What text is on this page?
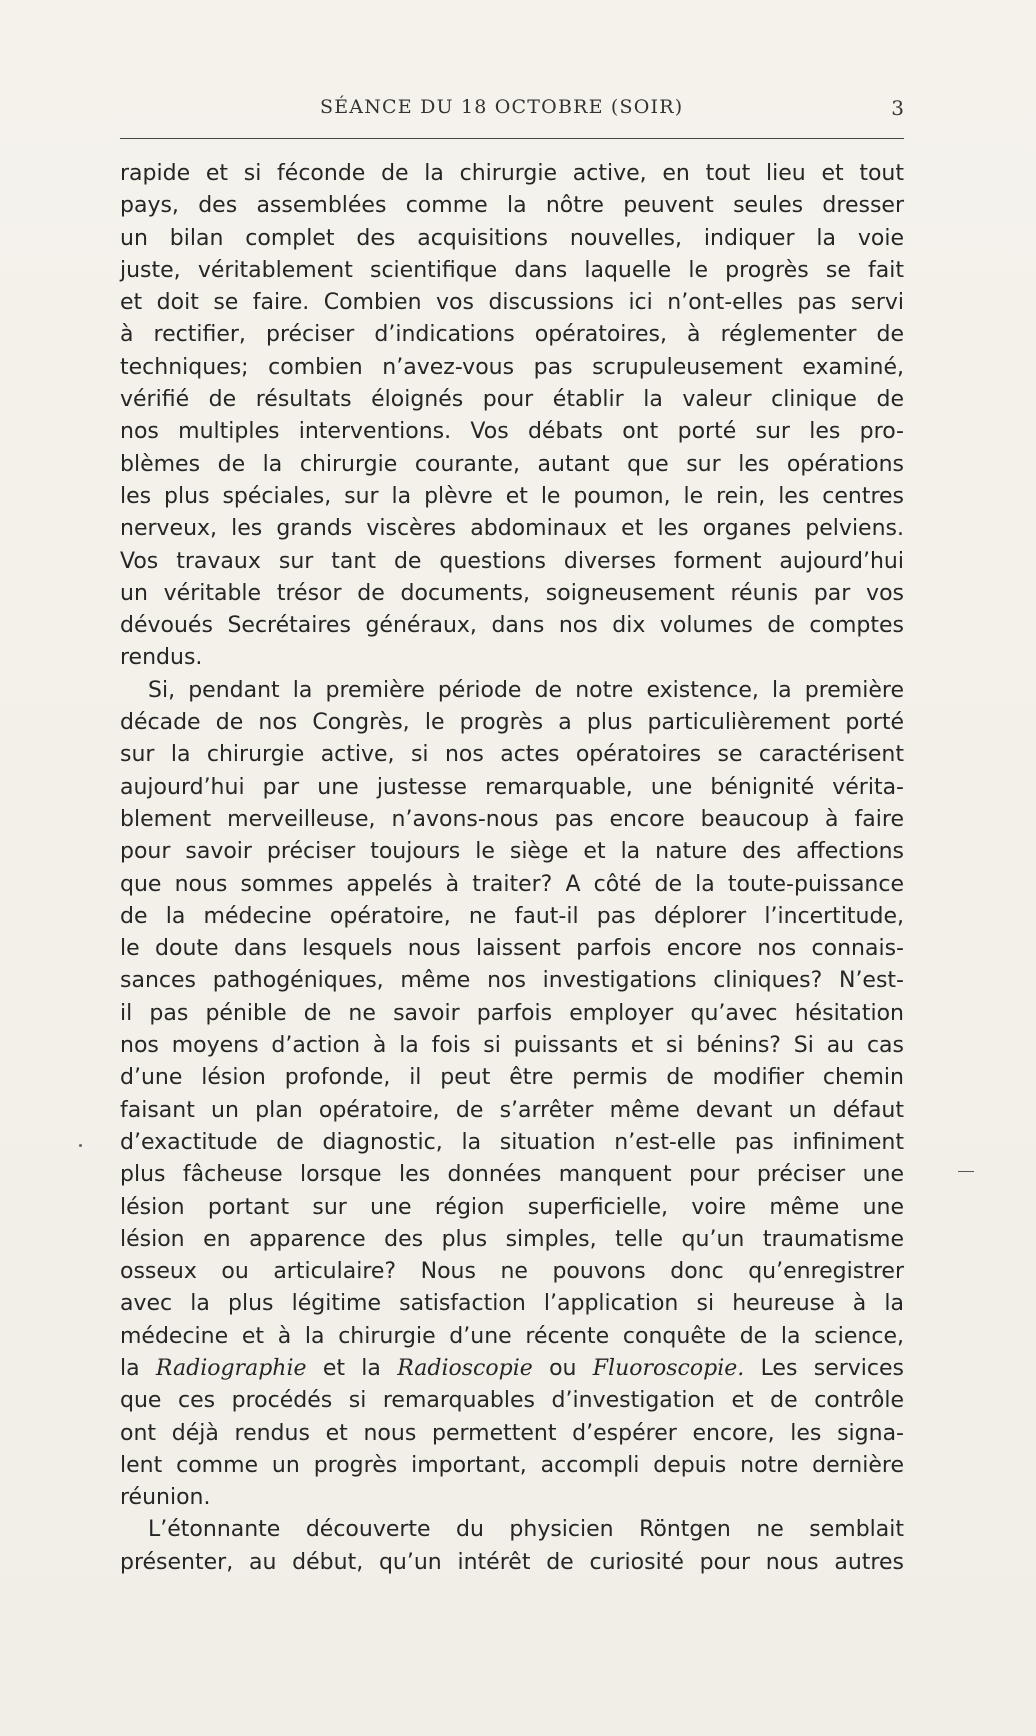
SÉANCE DU 18 OCTOBRE (SOIR)	3

rapide et si féconde de la chirurgie active, en tout lieu et tout

pays, des assemblées comme la nôtre peuvent seules dresser

un bilan complet des acquisitions nouvelles, indiquer la voie

juste, véritablement scientifique dans laquelle le progrès se fait

et doit se faire. Combien vos discussions ici n’ont-elles pas servi

à rectifier, préciser d’indications opératoires, à réglementer de

techniques; combien n’avez-vous pas scrupuleusement examiné,

vérifié de résultats éloignés pour établir la valeur clinique de

nos multiples interventions. Vos débats ont porté sur les pro-

blèmes de la chirurgie courante, autant que sur les opérations

les plus spéciales, sur la plèvre et le poumon, le rein, les centres

nerveux, les grands viscères abdominaux et les organes pelviens.

Vos travaux sur tant de questions diverses forment aujourd’hui

un véritable trésor de documents, soigneusement réunis par vos

dévoués Secrétaires généraux, dans nos dix volumes de comptes

rendus.

Si, pendant la première période de notre existence, la première

décade de nos Congrès, le progrès a plus particulièrement porté

sur la chirurgie active, si nos actes opératoires se caractérisent

aujourd’hui par une justesse remarquable, une bénignité vérita-

blement merveilleuse, n’avons-nous pas encore beaucoup à faire

pour savoir préciser toujours le siège et la nature des affections

que nous sommes appelés à traiter? A côté de la toute-puissance

de la médecine opératoire, ne faut-il pas déplorer l’incertitude,

le doute dans lesquels nous laissent parfois encore nos connais-

sances pathogéniques, même nos investigations cliniques? N’est-

il pas pénible de ne savoir parfois employer qu’avec hésitation

nos moyens d’action à la fois si puissants et si bénins? Si au cas

d’une lésion profonde, il peut être permis de modifier chemin

faisant un plan opératoire, de s’arrêter même devant un défaut

d’exactitude de diagnostic, la situation n’est-elle pas infiniment

plus fâcheuse lorsque les données manquent pour préciser une

lésion portant sur une région superficielle, voire même une

lésion en apparence des plus simples, telle qu’un traumatisme

osseux ou articulaire? Nous ne pouvons donc qu’enregistrer

avec la plus légitime satisfaction l’application si heureuse à la

médecine et à la chirurgie d’une récente conquête de la science,

la Radiographie et la Radioscopie ou Fluoroscopie. Les services

que ces procédés si remarquables d’investigation et de contrôle

ont déjà rendus et nous permettent d’espérer encore, les signa-

lent comme un progrès important, accompli depuis notre dernière

réunion.

L’étonnante découverte du physicien Röntgen ne semblait

présenter, au début, qu’un intérêt de curiosité pour nous autres
